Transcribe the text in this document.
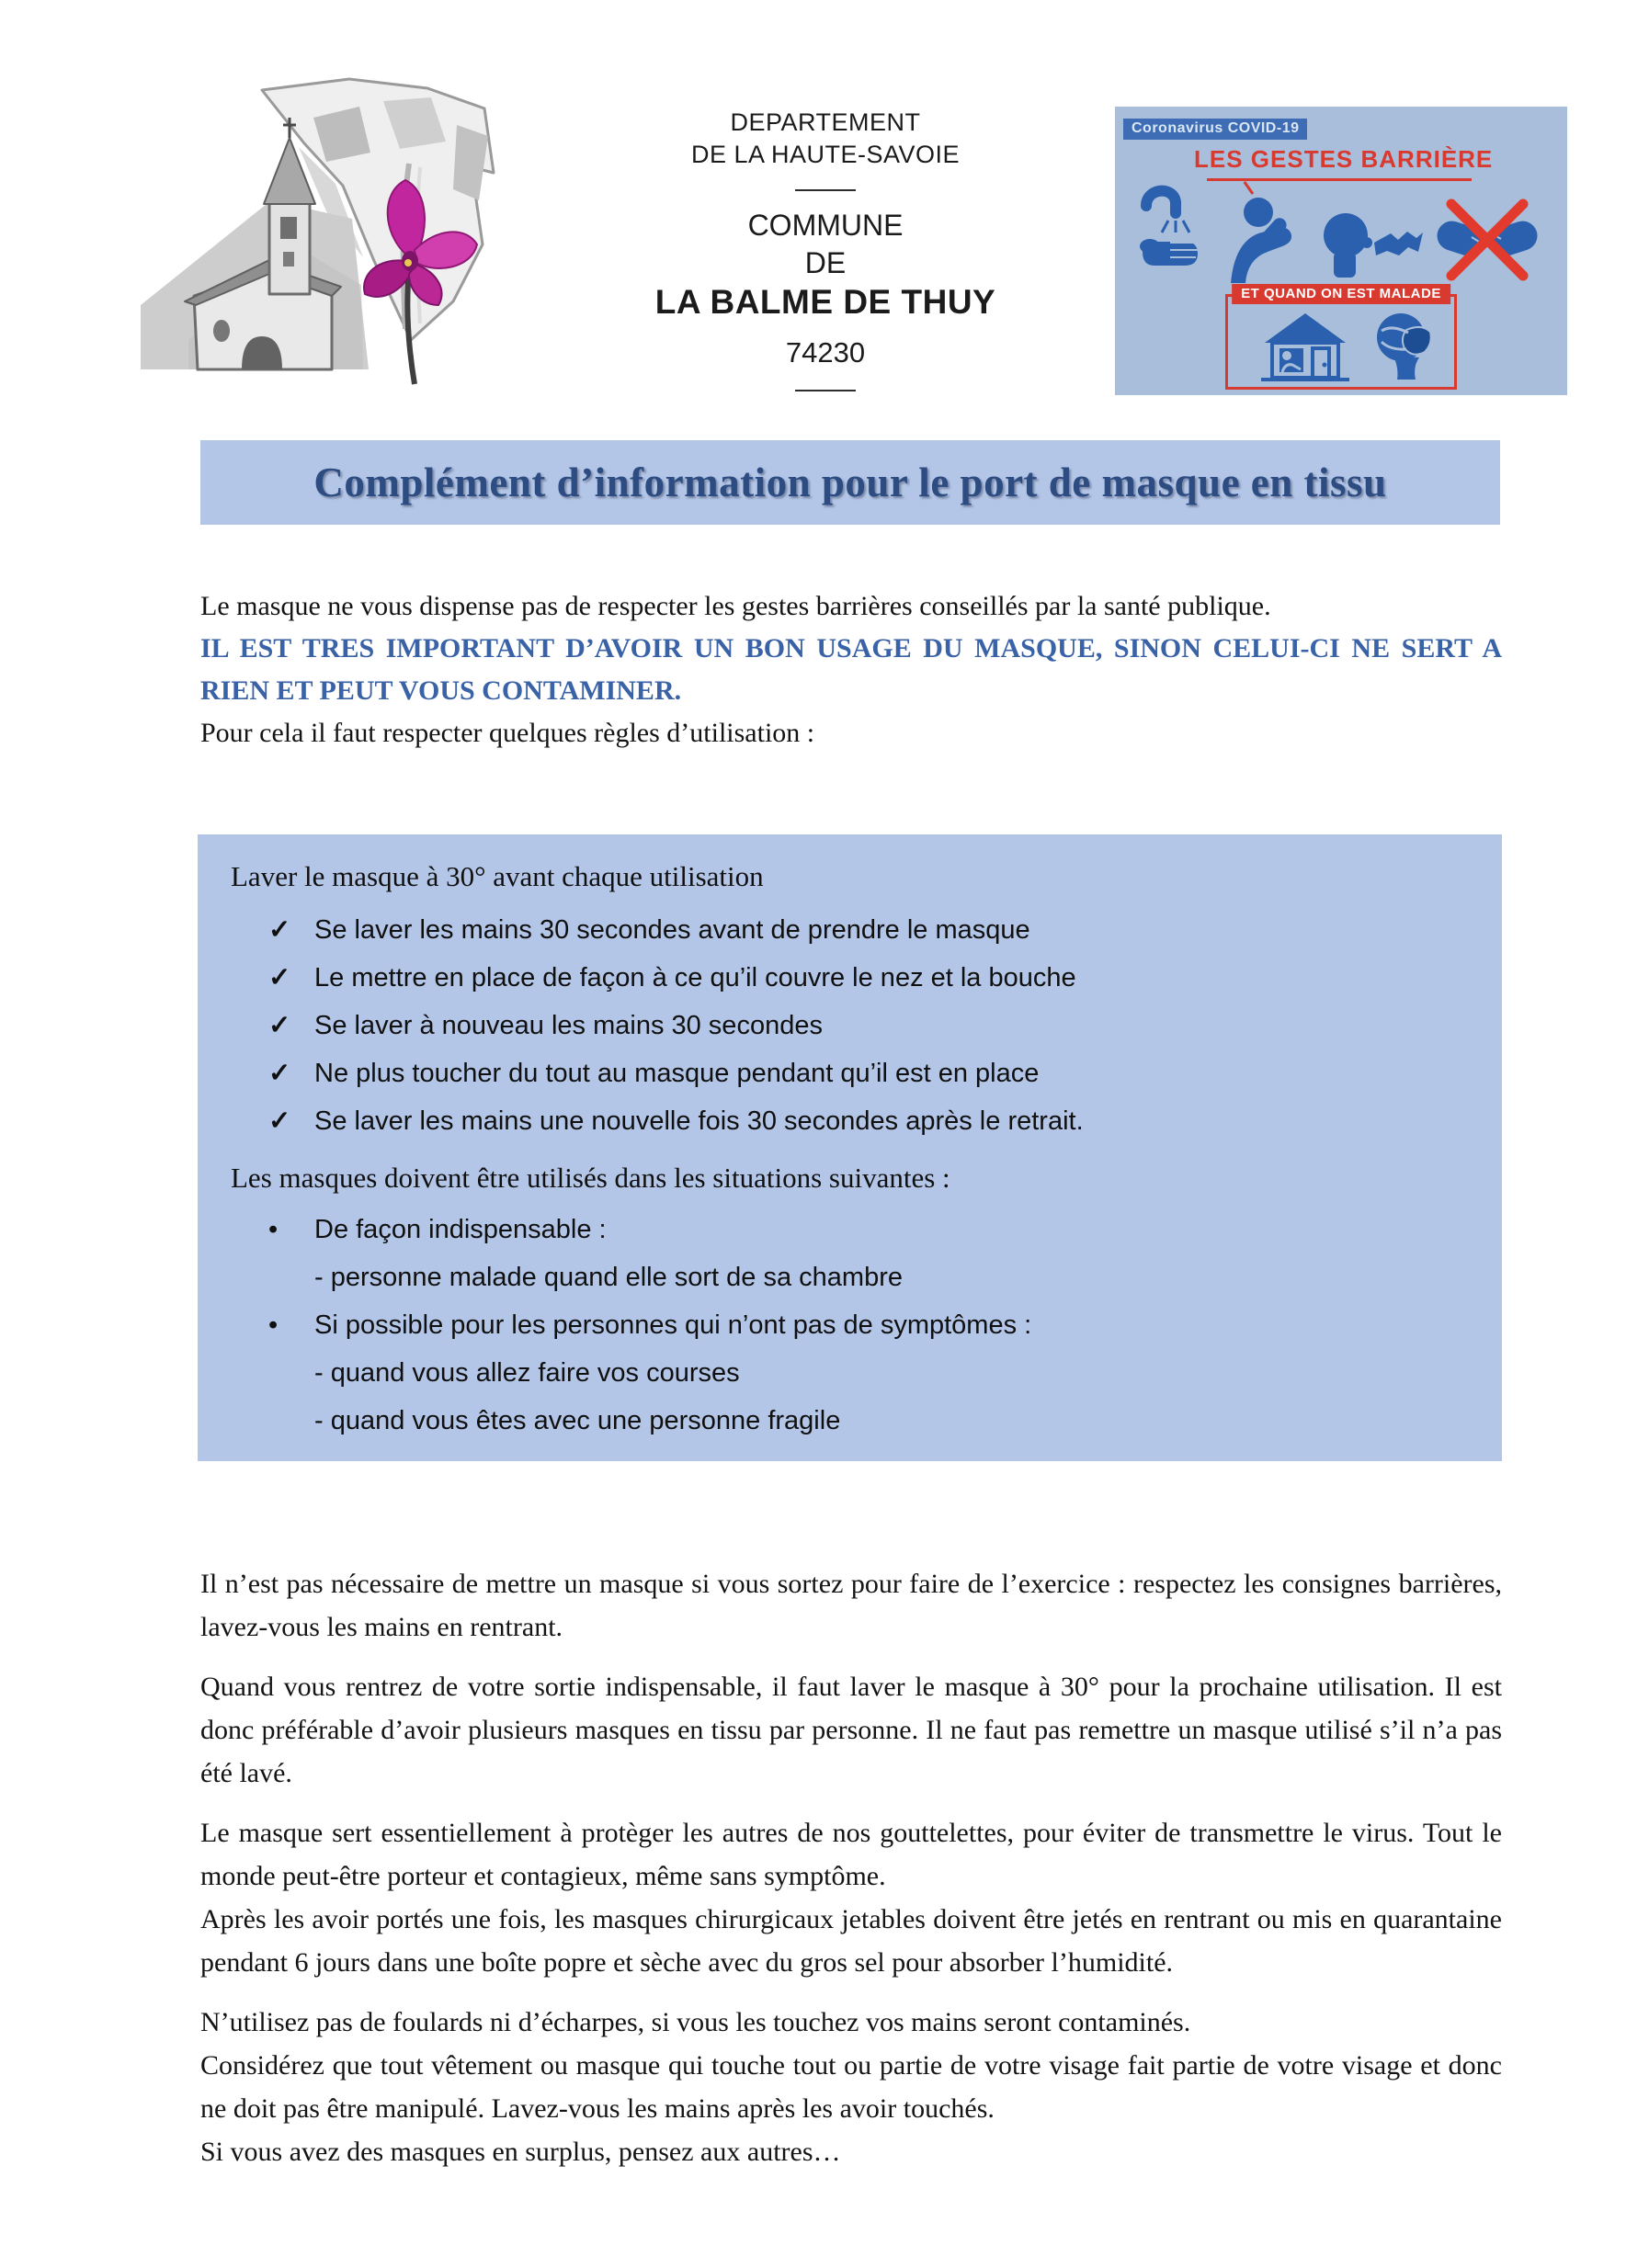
DEPARTEMENT
DE LA HAUTE-SAVOIE
COMMUNE
DE
LA BALME DE THUY
74230
Coronavirus COVID-19
LES GESTES BARRIÈRE
ET QUAND ON EST MALADE
Complément d’information pour le port de masque en tissu

Le masque ne vous dispense pas de respecter les gestes barrières conseillés par la santé publique.

IL EST TRES IMPORTANT D’AVOIR UN BON USAGE DU MASQUE, SINON CELUI-CI NE SERT A RIEN ET PEUT VOUS CONTAMINER.

Pour cela il faut respecter quelques règles d’utilisation :

Laver le masque à 30° avant chaque utilisation
✓ Se laver les mains 30 secondes avant de prendre le masque
✓ Le mettre en place de façon à ce qu’il couvre le nez et la bouche
✓ Se laver à nouveau les mains 30 secondes
✓ Ne plus toucher du tout au masque pendant qu’il est en place
✓ Se laver les mains une nouvelle fois 30 secondes après le retrait.
Les masques doivent être utilisés dans les situations suivantes :
•	De façon indispensable :
- personne malade quand elle sort de sa chambre
•	Si possible pour les personnes qui n’ont pas de symptômes :
- quand vous allez faire vos courses
- quand vous êtes avec une personne fragile

Il n’est pas nécessaire de mettre un masque si vous sortez pour faire de l’exercice : respectez les consignes barrières, lavez-vous les mains en rentrant.

Quand vous rentrez de votre sortie indispensable, il faut laver le masque à 30° pour la prochaine utilisation. Il est donc préférable d’avoir plusieurs masques en tissu par personne. Il ne faut pas remettre un masque utilisé s’il n’a pas été lavé.

Le masque sert essentiellement à protèger les autres de nos gouttelettes, pour éviter de transmettre le virus. Tout le monde peut-être porteur et contagieux, même sans symptôme.

Après les avoir portés une fois, les masques chirurgicaux jetables doivent être jetés en rentrant ou mis en quarantaine pendant 6 jours dans une boîte popre et sèche avec du gros sel pour absorber l’humidité.

N’utilisez pas de foulards ni d’écharpes, si vous les touchez vos mains seront contaminés.

Considérez que tout vêtement ou masque qui touche tout ou partie de votre visage fait partie de votre visage et donc ne doit pas être manipulé. Lavez-vous les mains après les avoir touchés.

Si vous avez des masques en surplus, pensez aux autres…
